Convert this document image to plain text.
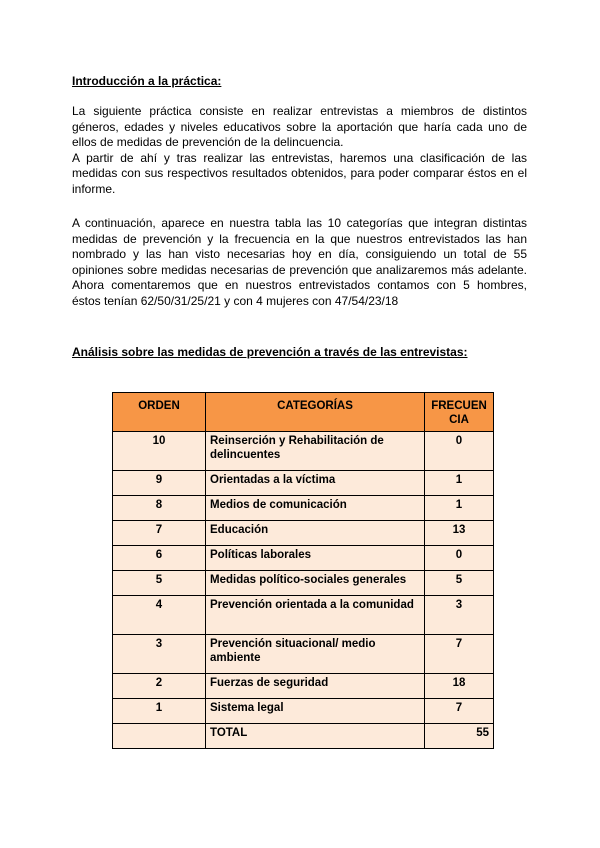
Introducción a la práctica:
La siguiente práctica consiste en realizar entrevistas a miembros de distintos
géneros, edades y niveles educativos sobre la aportación que haría cada uno de
ellos de medidas de prevención de la delincuencia.
A partir de ahí y tras realizar las entrevistas, haremos una clasificación de las
medidas con sus respectivos resultados obtenidos, para poder comparar éstos en el
informe.
A continuación, aparece en nuestra tabla las 10 categorías que integran distintas
medidas de prevención y la frecuencia en la que nuestros entrevistados las han
nombrado y las han visto necesarias hoy en día, consiguiendo un total de 55
opiniones sobre medidas necesarias de prevención que analizaremos más adelante.
Ahora comentaremos que en nuestros entrevistados contamos con 5 hombres,
éstos tenían 62/50/31/25/21 y con 4 mujeres con 47/54/23/18
Análisis sobre las medidas de prevención a través de las entrevistas:
ORDEN	CATEGORÍAS	FRECUEN
CIA
10	Reinserción y Rehabilitación de delincuentes	0
9	Orientadas a la víctima	1
8	Medios de comunicación	1
7	Educación	13
6	Políticas laborales	0
5	Medidas político-sociales generales	5
4	Prevención orientada a la comunidad	3
3	Prevención situacional/ medio ambiente	7
2	Fuerzas de seguridad	18
1	Sistema legal	7
	TOTAL	55
